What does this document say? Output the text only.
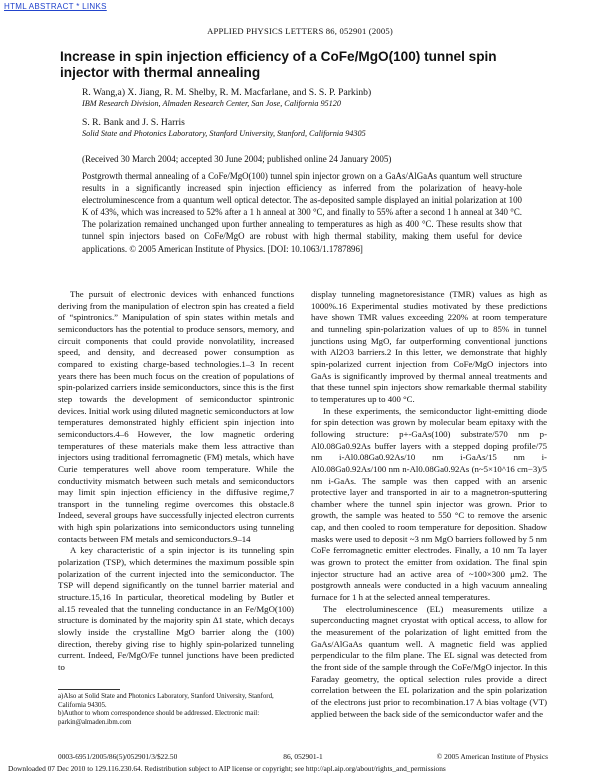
HTML ABSTRACT * LINKS
APPLIED PHYSICS LETTERS 86, 052901 (2005)
Increase in spin injection efficiency of a CoFe/MgO(100) tunnel spin injector with thermal annealing
R. Wang,a) X. Jiang, R. M. Shelby, R. M. Macfarlane, and S. S. P. Parkinb)
IBM Research Division, Almaden Research Center, San Jose, California 95120
S. R. Bank and J. S. Harris
Solid State and Photonics Laboratory, Stanford University, Stanford, California 94305
(Received 30 March 2004; accepted 30 June 2004; published online 24 January 2005)
Postgrowth thermal annealing of a CoFe/MgO(100) tunnel spin injector grown on a GaAs/AlGaAs quantum well structure results in a significantly increased spin injection efficiency as inferred from the polarization of heavy-hole electroluminescence from a quantum well optical detector. The as-deposited sample displayed an initial polarization at 100 K of 43%, which was increased to 52% after a 1 h anneal at 300 °C, and finally to 55% after a second 1 h anneal at 340 °C. The polarization remained unchanged upon further annealing to temperatures as high as 400 °C. These results show that tunnel spin injectors based on CoFe/MgO are robust with high thermal stability, making them useful for device applications. © 2005 American Institute of Physics. [DOI: 10.1063/1.1787896]

The pursuit of electronic devices with enhanced functions deriving from the manipulation of electron spin has created a field of “spintronics.” Manipulation of spin states within metals and semiconductors has the potential to produce sensors, memory, and circuit components that could provide nonvolatility, increased speed, and density, and decreased power consumption as compared to existing charge-based technologies.1–3 In recent years there has been much focus on the creation of populations of spin-polarized carriers inside semiconductors, since this is the first step towards the development of semiconductor spintronic devices. Initial work using diluted magnetic semiconductors at low temperatures demonstrated highly efficient spin injection into semiconductors.4–6 However, the low magnetic ordering temperatures of these materials make them less attractive than injectors using traditional ferromagnetic (FM) metals, which have Curie temperatures well above room temperature. While the conductivity mismatch between such metals and semiconductors may limit spin injection efficiency in the diffusive regime,7 transport in the tunneling regime overcomes this obstacle.8 Indeed, several groups have successfully injected electron currents with high spin polarizations into semiconductors using tunneling contacts between FM metals and semiconductors.9–14

A key characteristic of a spin injector is its tunneling spin polarization (TSP), which determines the maximum possible spin polarization of the current injected into the semiconductor. The TSP will depend significantly on the tunnel barrier material and structure.15,16 In particular, theoretical modeling by Butler et al.15 revealed that the tunneling conductance in an Fe/MgO(100) structure is dominated by the majority spin Δ1 state, which decays slowly inside the crystalline MgO barrier along the (100) direction, thereby giving rise to highly spin-polarized tunneling current. Indeed, Fe/MgO/Fe tunnel junctions have been predicted to

display tunneling magnetoresistance (TMR) values as high as 1000%.16 Experimental studies motivated by these predictions have shown TMR values exceeding 220% at room temperature and tunneling spin-polarization values of up to 85% in tunnel junctions using MgO, far outperforming conventional junctions with Al2O3 barriers.2 In this letter, we demonstrate that highly spin-polarized current injection from CoFe/MgO injectors into GaAs is significantly improved by thermal anneal treatments and that these tunnel spin injectors show remarkable thermal stability to temperatures up to 400 °C.

In these experiments, the semiconductor light-emitting diode for spin detection was grown by molecular beam epitaxy with the following structure: p+-GaAs(100) substrate/570 nm p-Al0.08Ga0.92As buffer layers with a stepped doping profile/75 nm i-Al0.08Ga0.92As/10 nm i-GaAs/15 nm i-Al0.08Ga0.92As/100 nm n-Al0.08Ga0.92As (n~5×10^16 cm−3)/5 nm i-GaAs. The sample was then capped with an arsenic protective layer and transported in air to a magnetron-sputtering chamber where the tunnel spin injector was grown. Prior to growth, the sample was heated to 550 °C to remove the arsenic cap, and then cooled to room temperature for deposition. Shadow masks were used to deposit ~3 nm MgO barriers followed by 5 nm CoFe ferromagnetic emitter electrodes. Finally, a 10 nm Ta layer was grown to protect the emitter from oxidation. The final spin injector structure had an active area of ~100×300 μm2. The postgrowth anneals were conducted in a high vacuum annealing furnace for 1 h at the selected anneal temperatures.

The electroluminescence (EL) measurements utilize a superconducting magnet cryostat with optical access, to allow for the measurement of the polarization of light emitted from the GaAs/AlGaAs quantum well. A magnetic field was applied perpendicular to the film plane. The EL signal was detected from the front side of the sample through the CoFe/MgO injector. In this Faraday geometry, the optical selection rules provide a direct correlation between the EL polarization and the spin polarization of the electrons just prior to recombination.17 A bias voltage (VT) applied between the back side of the semiconductor wafer and the

a)Also at Solid State and Photonics Laboratory, Stanford University, Stanford, California 94305.

b)Author to whom correspondence should be addressed. Electronic mail: parkin@almaden.ibm.com

0003-6951/2005/86(5)/052901/3/$22.50	86, 052901-1	© 2005 American Institute of Physics
Downloaded 07 Dec 2010 to 129.116.230.64. Redistribution subject to AIP license or copyright; see http://apl.aip.org/about/rights_and_permissions
